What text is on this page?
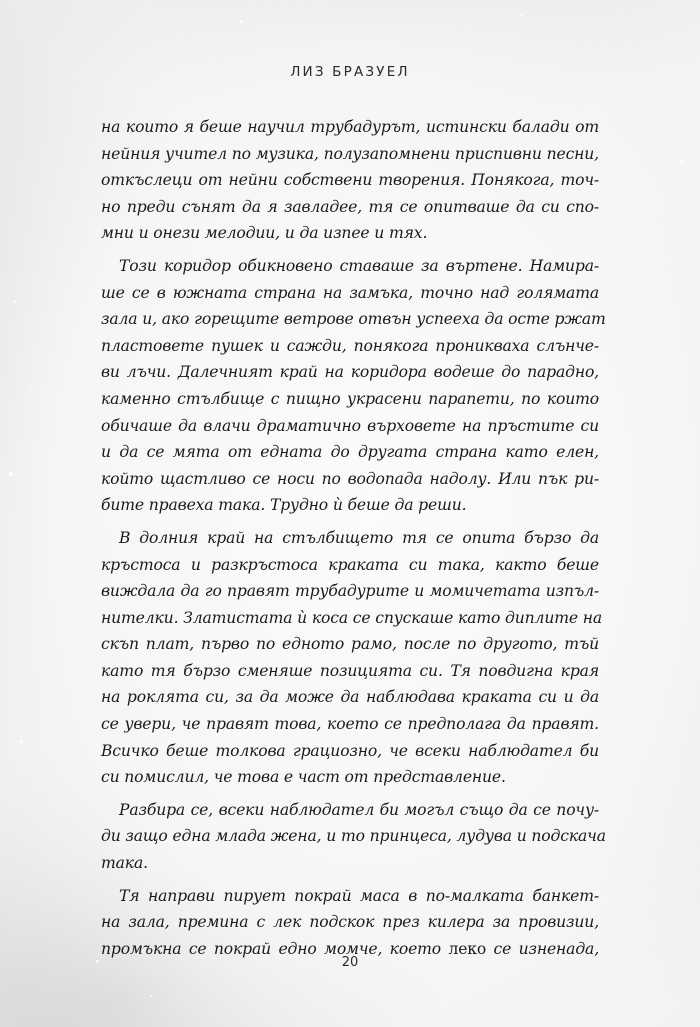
ЛИЗ БРАЗУЕЛ
на които я беше научил трубадурът, истински балади от
нейния учител по музика, полузапомнени приспивни песни,
откъслеци от нейни собствени творения. Понякога, точ-
но преди сънят да я завладее, тя се опитваше да си спо-
мни и онези мелодии, и да изпее и тях.
Този коридор обикновено ставаше за въртене. Намира-
ше се в южната страна на замъка, точно над голямата
зала и, ако горещите ветрове отвън успееха да осте ржат
пластовете пушек и сажди, понякога проникваха слънче-
ви лъчи. Далечният край на коридора водеше до парадно,
каменно стълбище с пищно украсени парапети, по които
обичаше да влачи драматично върховете на пръстите си
и да се мята от едната до другата страна като елен,
който щастливо се носи по водопада надолу. Или пък ри-
бите правеха така. Трудно ѝ беше да реши.
В долния край на стълбището тя се опита бързо да
кръстоса и разкръстоса краката си така, както беше
виждала да го правят трубадурите и момичетата изпъл-
нителки. Златистата ѝ коса се спускаше като диплите на
скъп плат, първо по едното рамо, после по другото, тъй
като тя бързо сменяше позицията си. Тя повдигна края
на роклята си, за да може да наблюдава краката си и да
се увери, че правят това, което се предполага да правят.
Всичко беше толкова грациозно, че всеки наблюдател би
си помислил, че това е част от представление.
Разбира се, всеки наблюдател би могъл също да се почу-
ди защо една млада жена, и то принцеса, лудува и подскача
така.
Тя направи пирует покрай маса в по-малката банкет-
на зала, премина с лек подскок през килера за провизии,
промъкна се покрай едно момче, което леко се изненада,
20
